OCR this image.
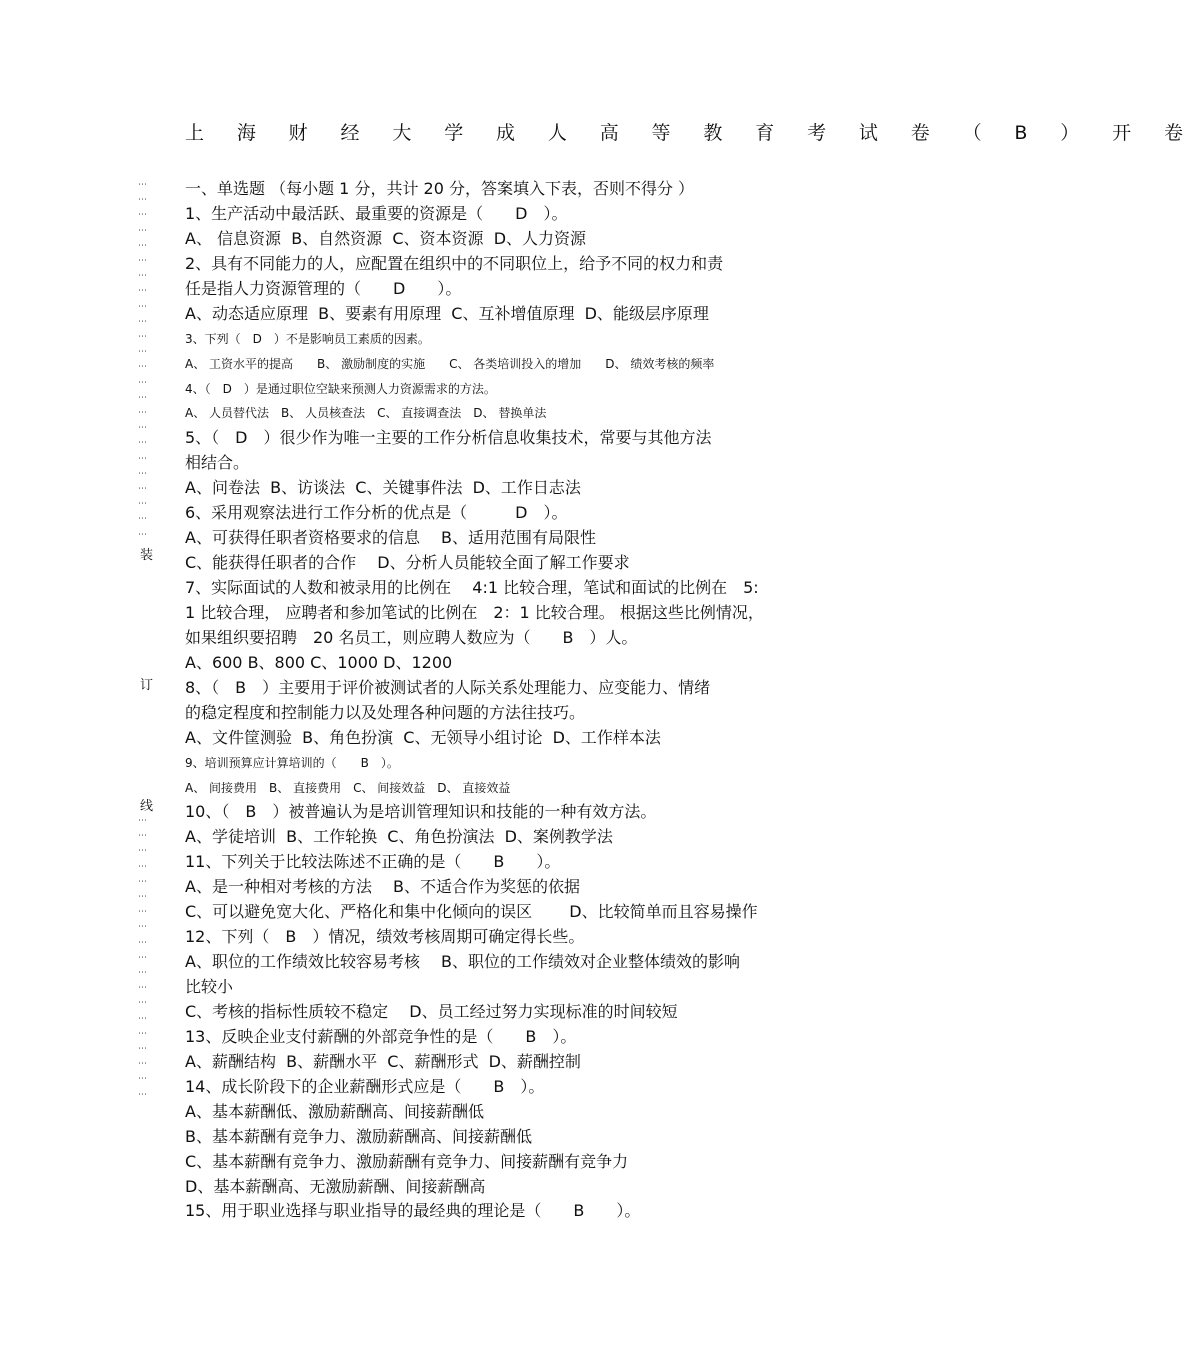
上 海 财 经 大 学 成 人 高 等 教 育 考 试 卷 （ B ） 开 卷
⋯
⋯
⋯
⋯
⋯
⋯
⋯
⋯
⋯
⋯
⋯
⋯
⋯
⋯
⋯
⋯
⋯
⋯
⋯
⋯
⋯
⋯
⋯
⋯
装
订
线
⋯
⋯
⋯
⋯
⋯
⋯
⋯
⋯
⋯
⋯
⋯
⋯
⋯
⋯
⋯
⋯
⋯
⋯
⋯
一、单选题 （每小题 1 分，共计 20 分，答案填入下表，否则不得分 ）
1、生产活动中最活跃、最重要的资源是（　　D　）。
A、 信息资源  B、自然资源  C、资本资源  D、人力资源
2、具有不同能力的人，应配置在组织中的不同职位上，给予不同的权力和责
任是指人力资源管理的（　　D　　）。
A、动态适应原理  B、要素有用原理  C、互补增值原理  D、能级层序原理
3、下列（　D　）不是影响员工素质的因素。
A、 工资水平的提高　　B、 激励制度的实施　　C、 各类培训投入的增加　　D、 绩效考核的频率
4、（　D　）是通过职位空缺来预测人力资源需求的方法。
A、 人员替代法　B、 人员核查法　C、 直接调查法　D、 替换单法
5、（　D　）很少作为唯一主要的工作分析信息收集技术，常要与其他方法
相结合。
A、问卷法  B、访谈法  C、关键事件法  D、工作日志法
6、采用观察法进行工作分析的优点是（　　　D　）。
A、可获得任职者资格要求的信息　 B、适用范围有局限性
C、能获得任职者的合作　 D、分析人员能较全面了解工作要求
7、实际面试的人数和被录用的比例在　 4:1 比较合理，笔试和面试的比例在　5:
1 比较合理， 应聘者和参加笔试的比例在　2：1 比较合理。 根据这些比例情况，
如果组织要招聘　20 名员工，则应聘人数应为（　　B　）人。
A、600 B、800 C、1000 D、1200
8、（　B　）主要用于评价被测试者的人际关系处理能力、应变能力、情绪
的稳定程度和控制能力以及处理各种问题的方法往技巧。
A、文件筐测验  B、角色扮演  C、无领导小组讨论  D、工作样本法
9、培训预算应计算培训的（　　B　）。
A、 间接费用　B、 直接费用　C、 间接效益　D、 直接效益
10、（　B　）被普遍认为是培训管理知识和技能的一种有效方法。
A、学徒培训  B、工作轮换  C、角色扮演法  D、案例教学法
11、下列关于比较法陈述不正确的是（　　B　　）。
A、是一种相对考核的方法　 B、不适合作为奖惩的依据
C、可以避免宽大化、严格化和集中化倾向的误区　　 D、比较简单而且容易操作
12、下列（　B　）情况，绩效考核周期可确定得长些。
A、职位的工作绩效比较容易考核　 B、职位的工作绩效对企业整体绩效的影响
比较小
C、考核的指标性质较不稳定　 D、员工经过努力实现标准的时间较短
13、反映企业支付薪酬的外部竞争性的是（　　B　）。
A、薪酬结构  B、薪酬水平  C、薪酬形式  D、薪酬控制
14、成长阶段下的企业薪酬形式应是（　　B　）。
A、基本薪酬低、激励薪酬高、间接薪酬低
B、基本薪酬有竞争力、激励薪酬高、间接薪酬低
C、基本薪酬有竞争力、激励薪酬有竞争力、间接薪酬有竞争力
D、基本薪酬高、无激励薪酬、间接薪酬高
15、用于职业选择与职业指导的最经典的理论是（　　B　　）。
